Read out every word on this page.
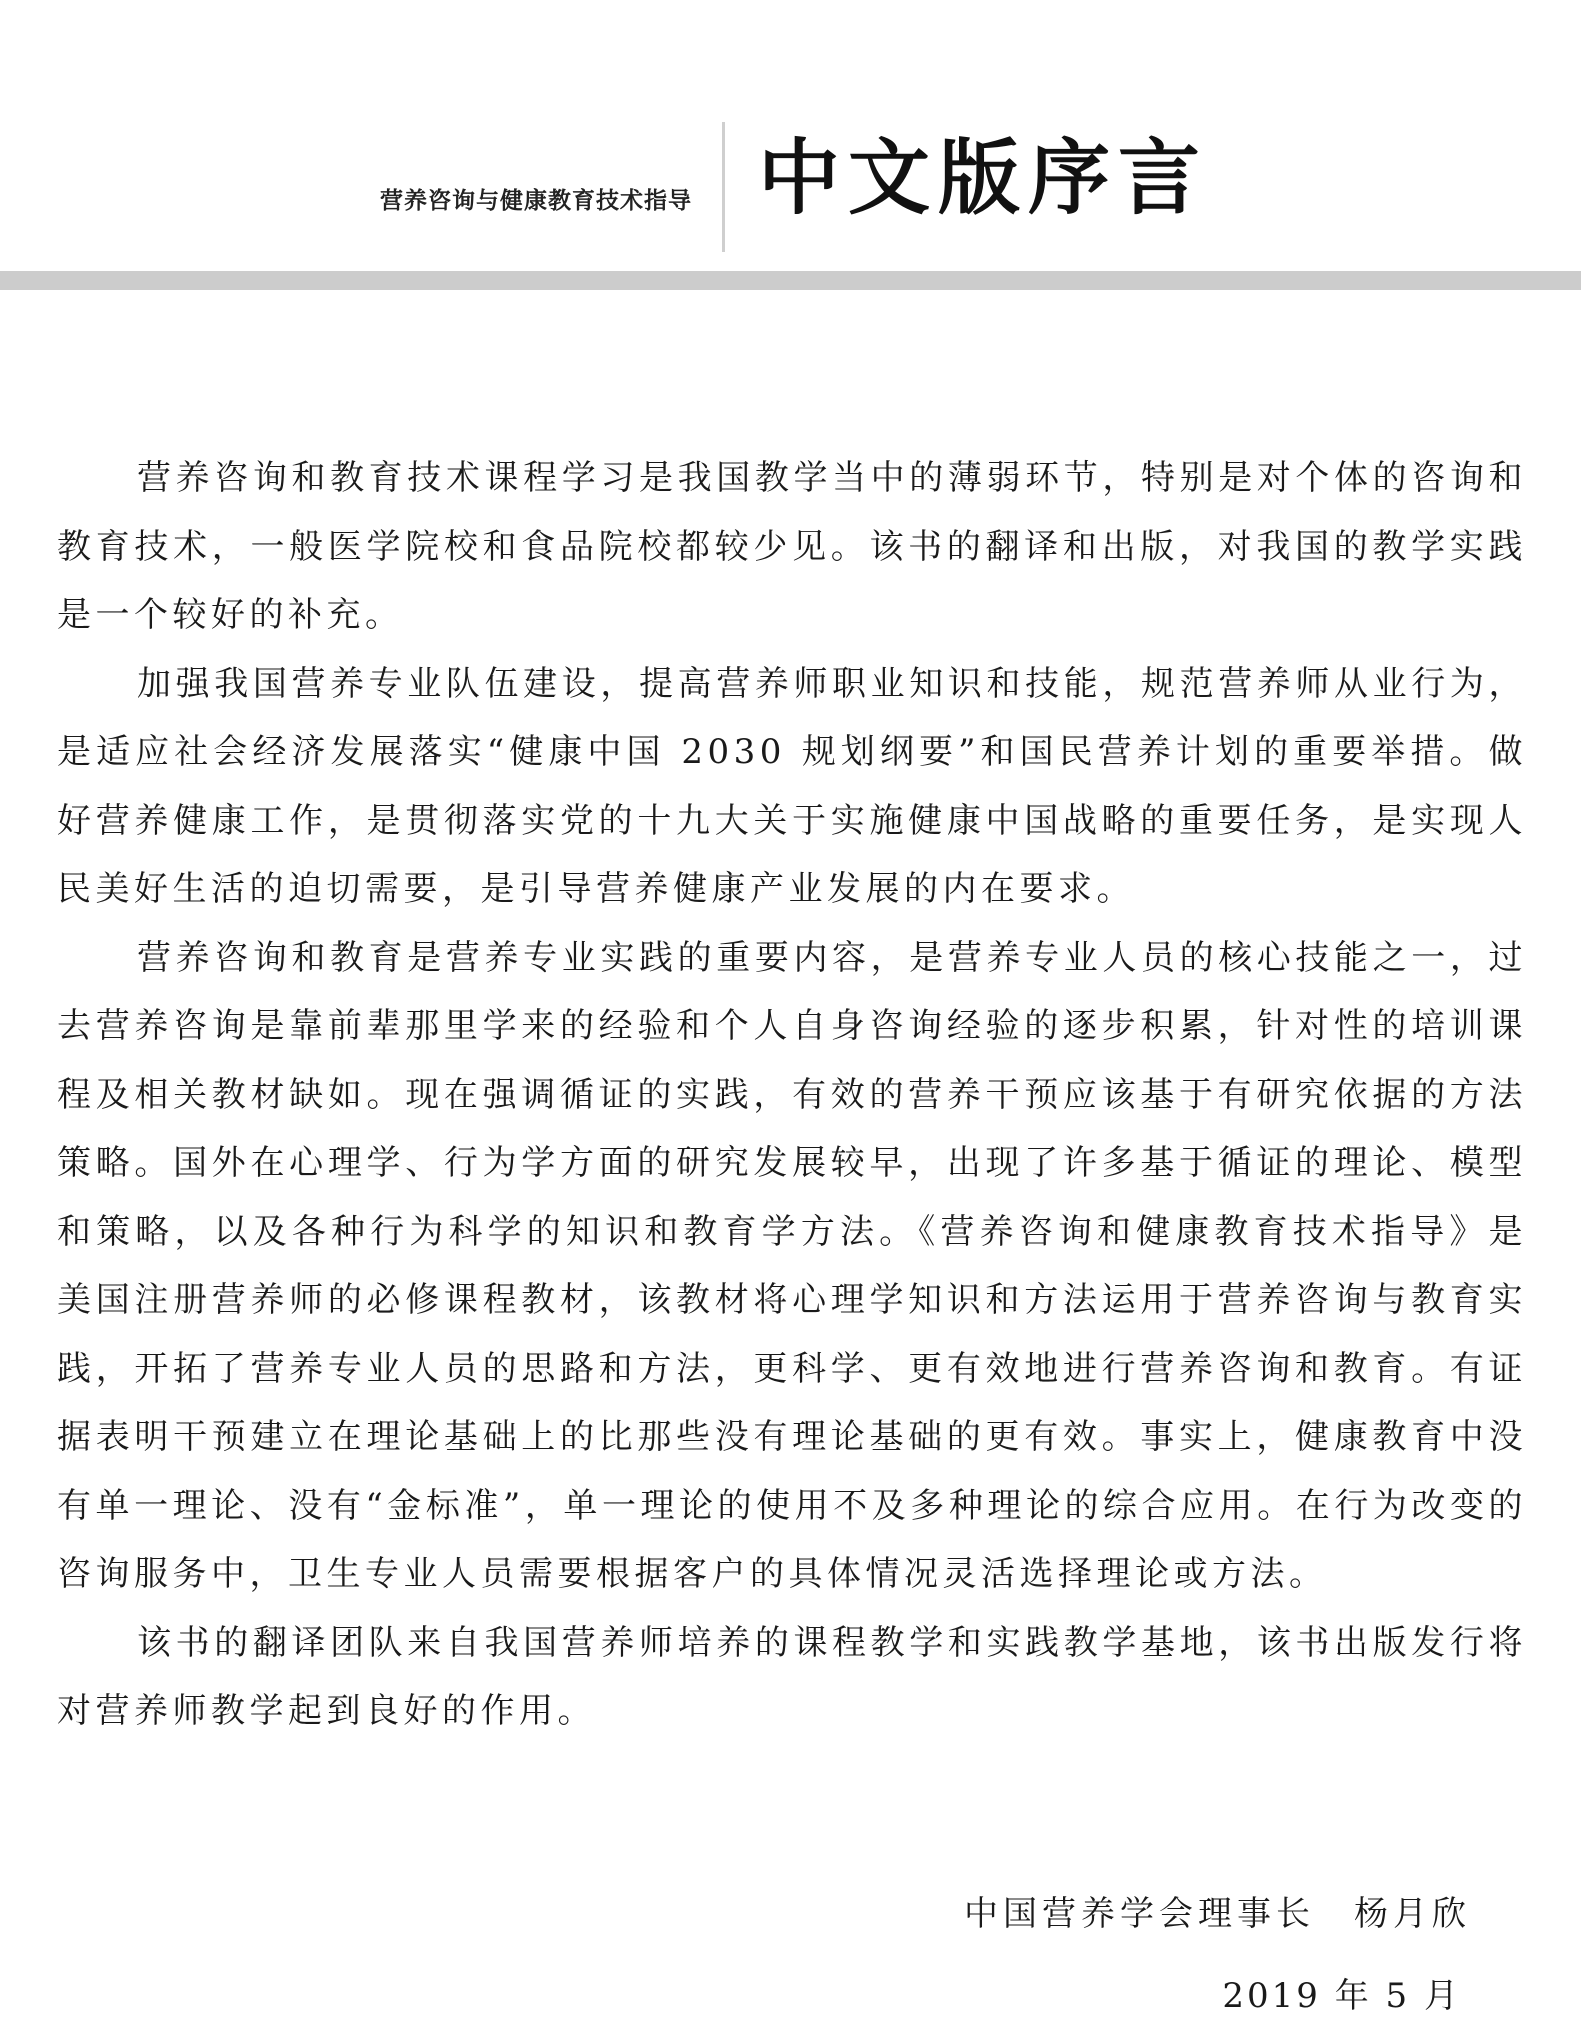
营养咨询与健康教育技术指导 中文版序言

营养咨询和教育技术课程学习是我国教学当中的薄弱环节，特别是对个体的咨询和教育技术，一般医学院校和食品院校都较少见。该书的翻译和出版，对我国的教学实践是一个较好的补充。

加强我国营养专业队伍建设，提高营养师职业知识和技能，规范营养师从业行为，是适应社会经济发展落实“健康中国 2030 规划纲要”和国民营养计划的重要举措。做好营养健康工作，是贯彻落实党的十九大关于实施健康中国战略的重要任务，是实现人民美好生活的迫切需要，是引导营养健康产业发展的内在要求。

营养咨询和教育是营养专业实践的重要内容，是营养专业人员的核心技能之一，过去营养咨询是靠前辈那里学来的经验和个人自身咨询经验的逐步积累，针对性的培训课程及相关教材缺如。现在强调循证的实践，有效的营养干预应该基于有研究依据的方法策略。国外在心理学、行为学方面的研究发展较早，出现了许多基于循证的理论、模型和策略，以及各种行为科学的知识和教育学方法。《营养咨询和健康教育技术指导》是美国注册营养师的必修课程教材，该教材将心理学知识和方法运用于营养咨询与教育实践，开拓了营养专业人员的思路和方法，更科学、更有效地进行营养咨询和教育。有证据表明干预建立在理论基础上的比那些没有理论基础的更有效。事实上，健康教育中没有单一理论、没有“金标准”，单一理论的使用不及多种理论的综合应用。在行为改变的咨询服务中，卫生专业人员需要根据客户的具体情况灵活选择理论或方法。

该书的翻译团队来自我国营养师培养的课程教学和实践教学基地，该书出版发行将对营养师教学起到良好的作用。

中国营养学会理事长　杨月欣
2019 年 5 月
